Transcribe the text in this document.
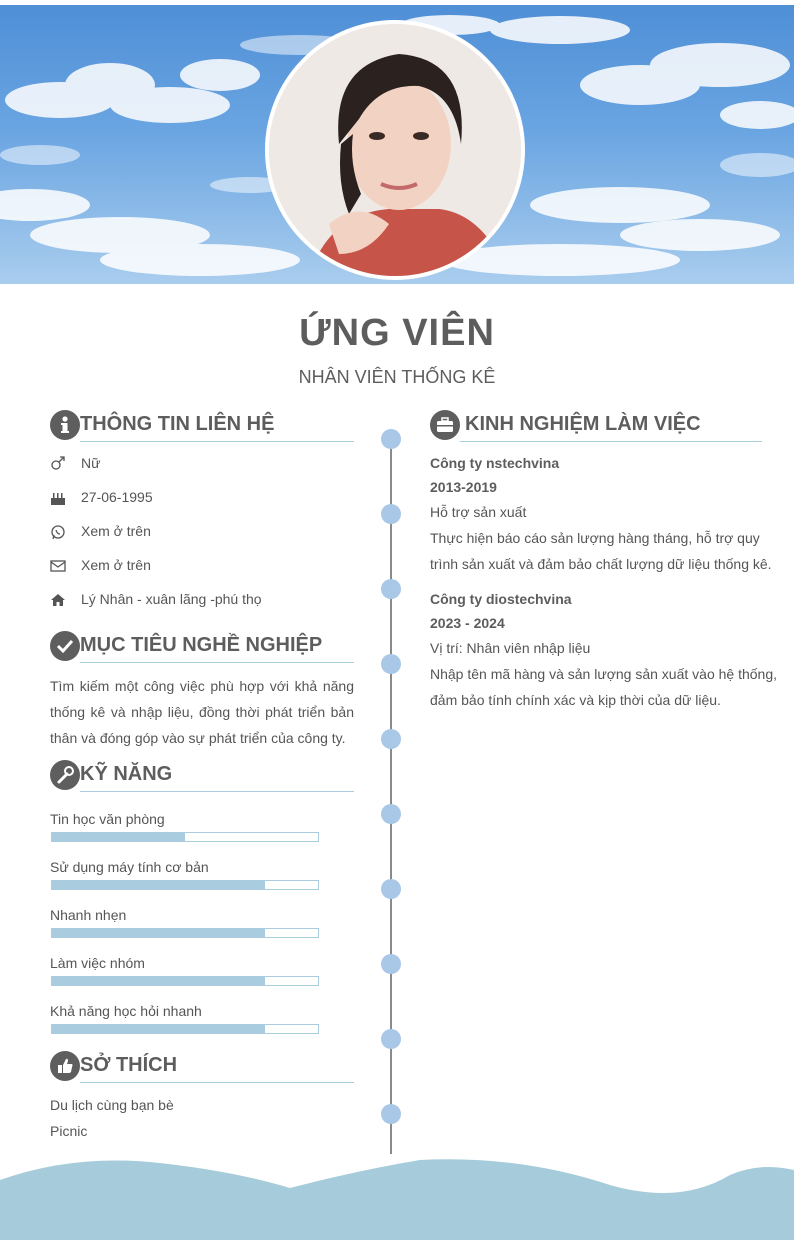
ỨNG VIÊN
NHÂN VIÊN THỐNG KÊ
THÔNG TIN LIÊN HỆ
Nữ
27-06-1995
Xem ở trên
Xem ở trên
Lý Nhân - xuân lãng -phú thọ
MỤC TIÊU NGHỀ NGHIỆP
Tìm kiếm một công việc phù hợp với khả năng thống kê và nhập liệu, đồng thời phát triển bản thân và đóng góp vào sự phát triển của công ty.
KỸ NĂNG
Tin học văn phòng
Sử dụng máy tính cơ bản
Nhanh nhẹn
Làm việc nhóm
Khả năng học hỏi nhanh
SỞ THÍCH
Du lịch cùng bạn bè
Picnic
KINH NGHIỆM LÀM VIỆC
Công ty nstechvina
2013-2019
Hỗ trợ sản xuất
Thực hiện báo cáo sản lượng hàng tháng, hỗ trợ quy trình sản xuất và đảm bảo chất lượng dữ liệu thống kê.
Công ty diostechvina
2023 - 2024
Vị trí: Nhân viên nhập liệu
Nhập tên mã hàng và sản lượng sản xuất vào hệ thống, đảm bảo tính chính xác và kịp thời của dữ liệu.
